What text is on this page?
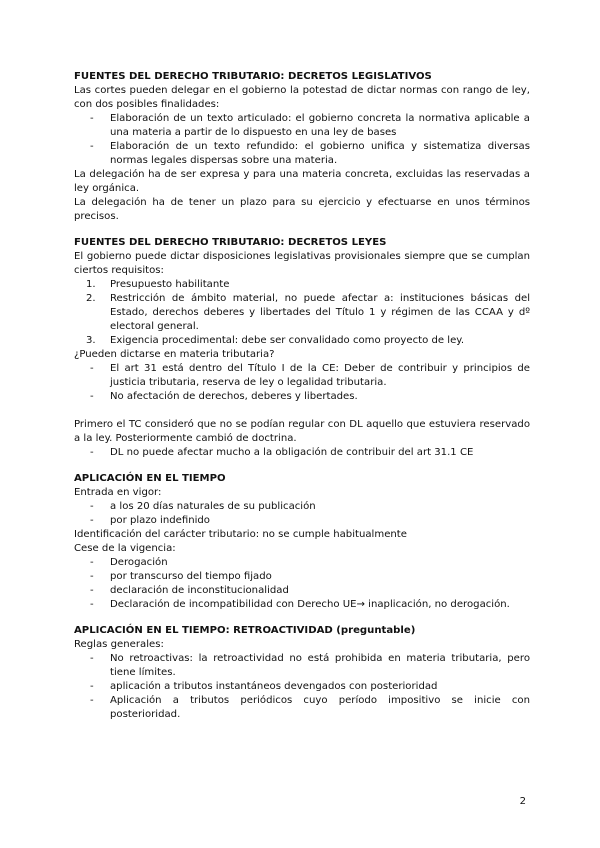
FUENTES DEL DERECHO TRIBUTARIO: DECRETOS LEGISLATIVOS
Las cortes pueden delegar en el gobierno la potestad de dictar normas con rango de ley, con dos posibles finalidades:
- Elaboración de un texto articulado: el gobierno concreta la normativa aplicable a una materia a partir de lo dispuesto en una ley de bases
- Elaboración de un texto refundido: el gobierno unifica y sistematiza diversas normas legales dispersas sobre una materia.
La delegación ha de ser expresa y para una materia concreta, excluidas las reservadas a ley orgánica.
La delegación ha de tener un plazo para su ejercicio y efectuarse en unos términos precisos.
FUENTES DEL DERECHO TRIBUTARIO: DECRETOS LEYES
El gobierno puede dictar disposiciones legislativas provisionales siempre que se cumplan ciertos requisitos:
1. Presupuesto habilitante
2. Restricción de ámbito material, no puede afectar a: instituciones básicas del Estado, derechos deberes y libertades del Título 1 y régimen de las CCAA y dº electoral general.
3. Exigencia procedimental: debe ser convalidado como proyecto de ley.
¿Pueden dictarse en materia tributaria?
- El art 31 está dentro del Título I de la CE: Deber de contribuir y principios de justicia tributaria, reserva de ley o legalidad tributaria.
- No afectación de derechos, deberes y libertades.
Primero el TC consideró que no se podían regular con DL aquello que estuviera reservado a la ley. Posteriormente cambió de doctrina.
- DL no puede afectar mucho a la obligación de contribuir del art 31.1 CE
APLICACIÓN EN EL TIEMPO
Entrada en vigor:
- a los 20 días naturales de su publicación
- por plazo indefinido
Identificación del carácter tributario: no se cumple habitualmente
Cese de la vigencia:
- Derogación
- por transcurso del tiempo fijado
- declaración de inconstitucionalidad
- Declaración de incompatibilidad con Derecho UE→ inaplicación, no derogación.
APLICACIÓN EN EL TIEMPO: RETROACTIVIDAD (preguntable)
Reglas generales:
- No retroactivas: la retroactividad no está prohibida en materia tributaria, pero tiene límites.
- aplicación a tributos instantáneos devengados con posterioridad
- Aplicación a tributos periódicos cuyo período impositivo se inicie con posterioridad.
2
